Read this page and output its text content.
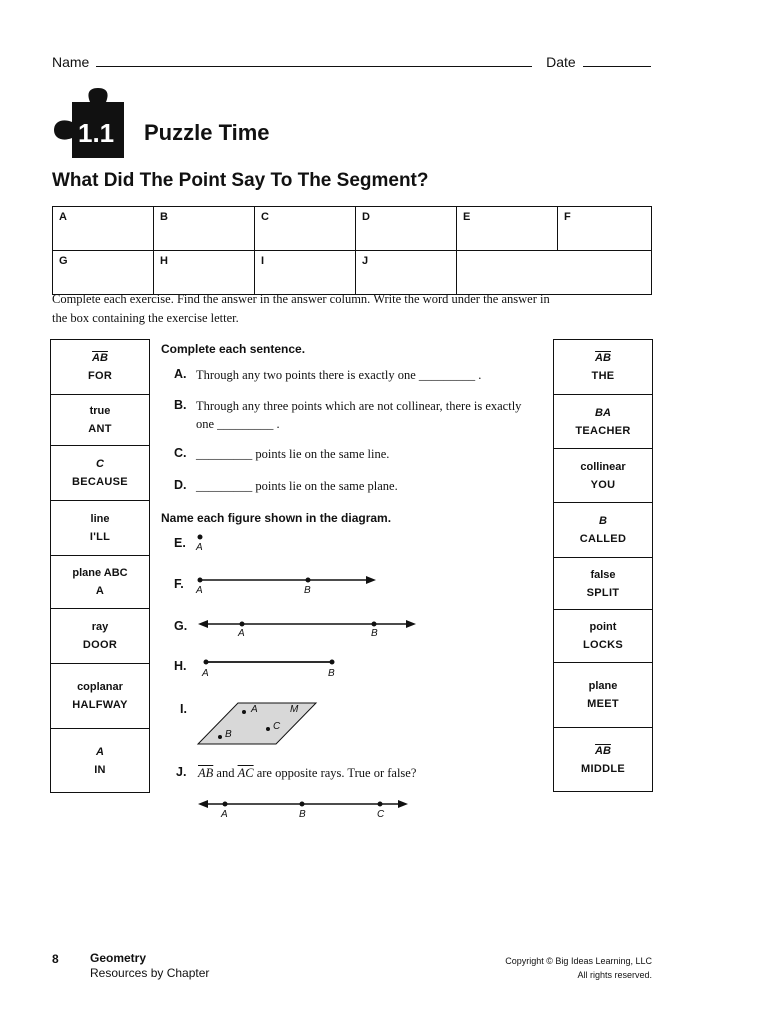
Name	Date
1.1 Puzzle Time
What Did The Point Say To The Segment?
A	B	C	D	E	F
G	H	I	J		
Complete each exercise. Find the answer in the answer column. Write the word under the answer in the box containing the exercise letter.
$\overline{AB}$
FOR
true
ANT
C
BECAUSE
line
I'LL
plane ABC
A
ray
DOOR
coplanar
HALFWAY
A
IN
$\overline{AB}$
THE
BA
TEACHER
collinear
YOU
B
CALLED
false
SPLIT
point
LOCKS
plane
MEET
$\overline{AB}$
MIDDLE
Complete each sentence.
A. Through any two points there is exactly one _________ .
B. Through any three points which are not collinear, there is exactly one _________ .
C. _________ points lie on the same line.
D. _________ points lie on the same plane.
Name each figure shown in the diagram.
E. A
F. A	B
G.
A	B
H.
A	B
I.	A	M
C
B
J. $\overline{AB}$ and $\overline{AC}$ are opposite rays. True or false?
A	B	C
8	Geometry
Resources by Chapter
Copyright © Big Ideas Learning, LLC
All rights reserved.
